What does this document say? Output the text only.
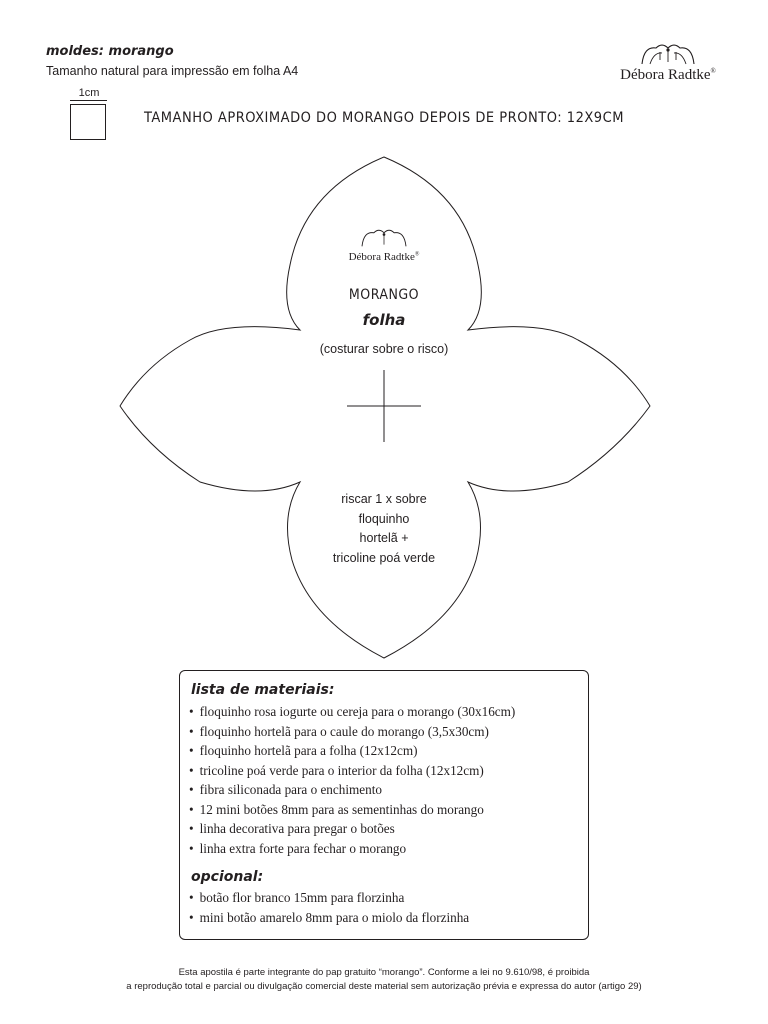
moldes: morango
Tamanho natural para impressão em folha A4
1cm
Débora Radtke®
TAMANHO APROXIMADO DO MORANGO DEPOIS DE PRONTO: 12X9CM
Débora Radtke®
MORANGO
folha
(costurar sobre o risco)
riscar 1 x sobre
floquinho
hortelã +
tricoline poá verde
lista de materiais:
• floquinho rosa iogurte ou cereja para o morango (30x16cm)
• floquinho hortelã para o caule do morango (3,5x30cm)
• floquinho hortelã para a folha (12x12cm)
• tricoline poá verde para o interior da folha (12x12cm)
• fibra siliconada para o enchimento
• 12 mini botões 8mm para as sementinhas do morango
• linha decorativa para pregar o botões
• linha extra forte para fechar o morango
opcional:
• botão flor branco 15mm para florzinha
• mini botão amarelo 8mm para o miolo da florzinha
Esta apostila é parte integrante do pap gratuito “morango”. Conforme a lei no 9.610/98, é proibida
a reprodução total e parcial ou divulgação comercial deste material sem autorização prévia e expressa do autor (artigo 29)
